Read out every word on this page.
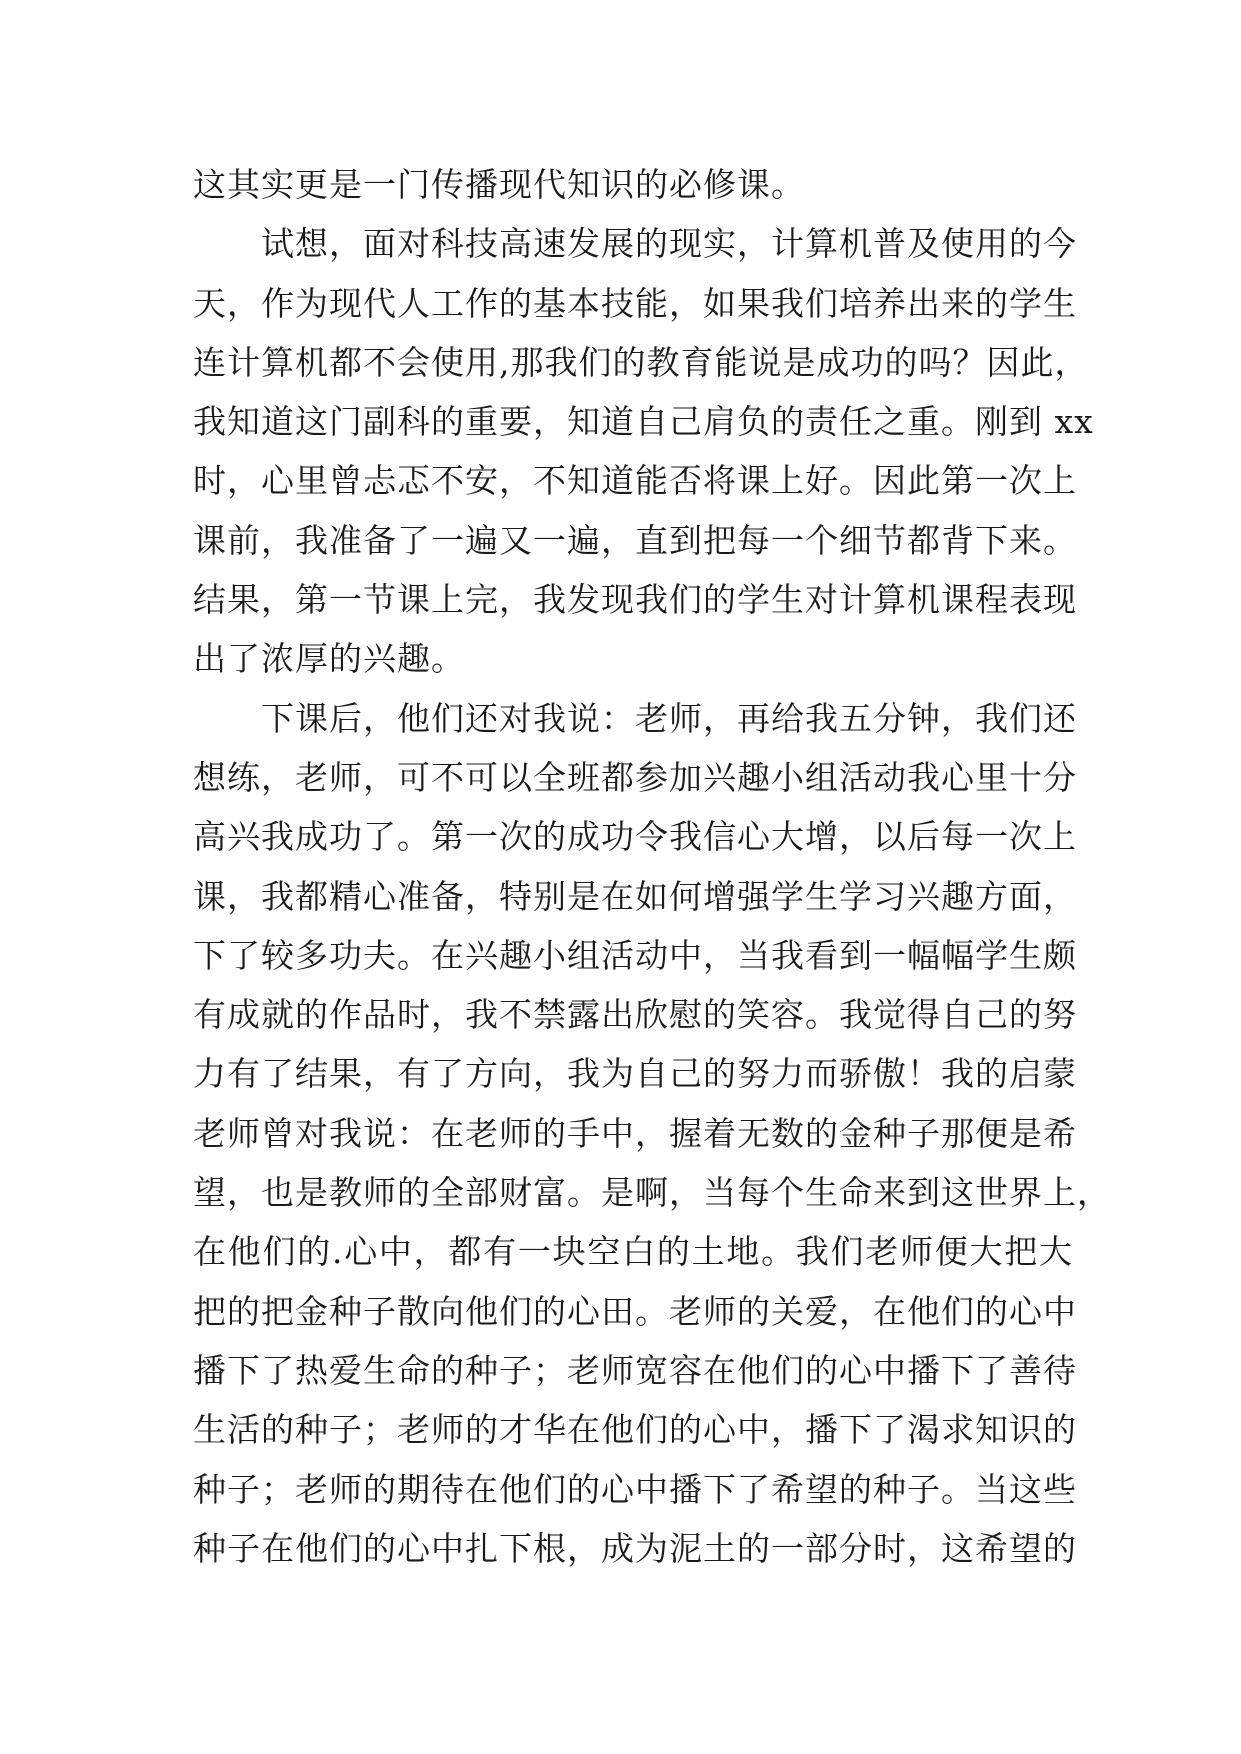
这其实更是一门传播现代知识的必修课。
试想，面对科技高速发展的现实，计算机普及使用的今
天，作为现代人工作的基本技能，如果我们培养出来的学生
连计算机都不会使用,那我们的教育能说是成功的吗？因此，
我知道这门副科的重要，知道自己肩负的责任之重。刚到 xx
时，心里曾忐忑不安，不知道能否将课上好。因此第一次上
课前，我准备了一遍又一遍，直到把每一个细节都背下来。
结果，第一节课上完，我发现我们的学生对计算机课程表现
出了浓厚的兴趣。
下课后，他们还对我说：老师，再给我五分钟，我们还
想练，老师，可不可以全班都参加兴趣小组活动我心里十分
高兴我成功了。第一次的成功令我信心大增，以后每一次上
课，我都精心准备，特别是在如何增强学生学习兴趣方面，
下了较多功夫。在兴趣小组活动中，当我看到一幅幅学生颇
有成就的作品时，我不禁露出欣慰的笑容。我觉得自己的努
力有了结果，有了方向，我为自己的努力而骄傲！我的启蒙
老师曾对我说：在老师的手中，握着无数的金种子那便是希
望，也是教师的全部财富。是啊，当每个生命来到这世界上，
在他们的.心中，都有一块空白的土地。我们老师便大把大
把的把金种子散向他们的心田。老师的关爱，在他们的心中
播下了热爱生命的种子；老师宽容在他们的心中播下了善待
生活的种子；老师的才华在他们的心中，播下了渴求知识的
种子；老师的期待在他们的心中播下了希望的种子。当这些
种子在他们的心中扎下根，成为泥土的一部分时，这希望的
